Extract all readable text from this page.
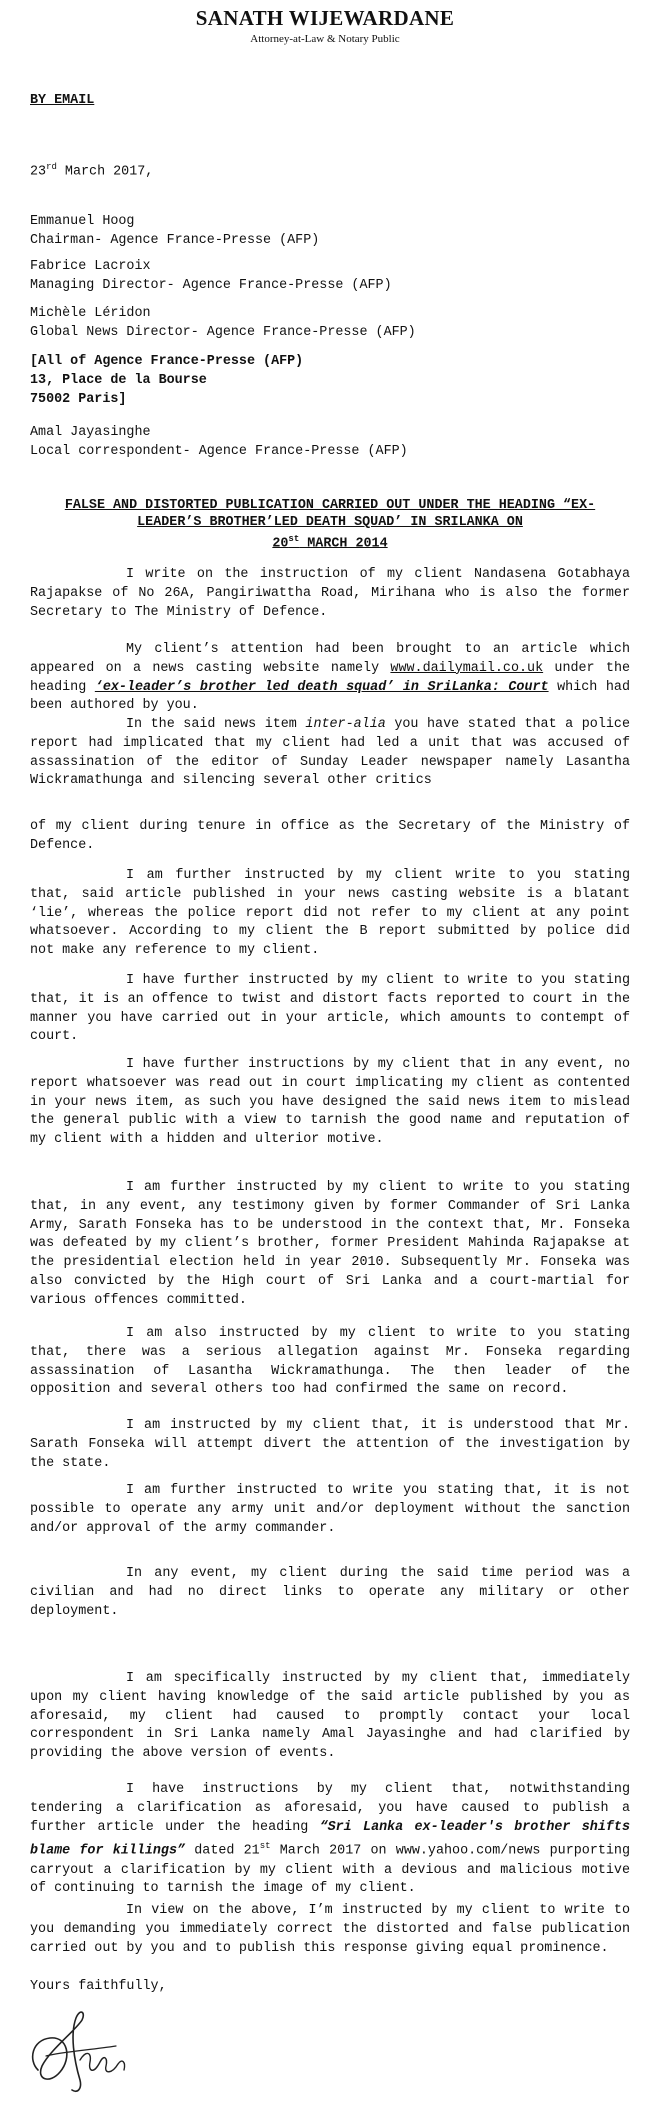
SANATH WIJEWARDANE
Attorney-at-Law & Notary Public
BY EMAIL
23rd March 2017,
Emmanuel Hoog
Chairman- Agence France-Presse (AFP)
Fabrice Lacroix
Managing Director- Agence France-Presse (AFP)
Michèle Léridon
Global News Director- Agence France-Presse (AFP)
[All of Agence France-Presse (AFP)
13, Place de la Bourse
75002 Paris]
Amal Jayasinghe
Local correspondent- Agence France-Presse (AFP)
FALSE AND DISTORTED PUBLICATION CARRIED OUT UNDER THE HEADING “EX-
LEADER’S BROTHER’LED DEATH SQUAD’ IN SRILANKA ON
20st MARCH 2014

I write on the instruction of my client Nandasena Gotabhaya Rajapakse of No 26A, Pangiriwattha Road, Mirihana who is also the former Secretary to The Ministry of Defence.

My client’s attention had been brought to an article which appeared on a news casting website namely www.dailymail.co.uk under the heading ‘ex-leader’s brother led death squad’ in SriLanka: Court which had been authored by you.

In the said news item inter-alia you have stated that a police report had implicated that my client had led a unit that was accused of assassination of the editor of Sunday Leader newspaper namely Lasantha Wickramathunga and silencing several other critics

of my client during tenure in office as the Secretary of the Ministry of Defence.

I am further instructed by my client write to you stating that, said article published in your news casting website is a blatant ‘lie’, whereas the police report did not refer to my client at any point whatsoever. According to my client the B report submitted by police did not make any reference to my client.

I have further instructed by my client to write to you stating that, it is an offence to twist and distort facts reported to court in the manner you have carried out in your article, which amounts to contempt of court.

I have further instructions by my client that in any event, no report whatsoever was read out in court implicating my client as contented in your news item, as such you have designed the said news item to mislead the general public with a view to tarnish the good name and reputation of my client with a hidden and ulterior motive.

I am further instructed by my client to write to you stating that, in any event, any testimony given by former Commander of Sri Lanka Army, Sarath Fonseka has to be understood in the context that, Mr. Fonseka was defeated by my client’s brother, former President Mahinda Rajapakse at the presidential election held in year 2010. Subsequently Mr. Fonseka was also convicted by the High court of Sri Lanka and a court-martial for various offences committed.

I am also instructed by my client to write to you stating that, there was a serious allegation against Mr. Fonseka regarding assassination of Lasantha Wickramathunga. The then leader of the opposition and several others too had confirmed the same on record.

I am instructed by my client that, it is understood that Mr. Sarath Fonseka will attempt divert the attention of the investigation by the state.

I am further instructed to write you stating that, it is not possible to operate any army unit and/or deployment without the sanction and/or approval of the army commander.

In any event, my client during the said time period was a civilian and had no direct links to operate any military or other deployment.

I am specifically instructed by my client that, immediately upon my client having knowledge of the said article published by you as aforesaid, my client had caused to promptly contact your local correspondent in Sri Lanka namely Amal Jayasinghe and had clarified by providing the above version of events.

I have instructions by my client that, notwithstanding tendering a clarification as aforesaid, you have caused to publish a further article under the heading “Sri Lanka ex-leader's brother shifts blame for killings” dated 21st March 2017 on www.yahoo.com/news purporting carryout a clarification by my client with a devious and malicious motive of continuing to tarnish the image of my client.

In view on the above, I’m instructed by my client to write to you demanding you immediately correct the distorted and false publication carried out by you and to publish this response giving equal prominence.

Yours faithfully,
